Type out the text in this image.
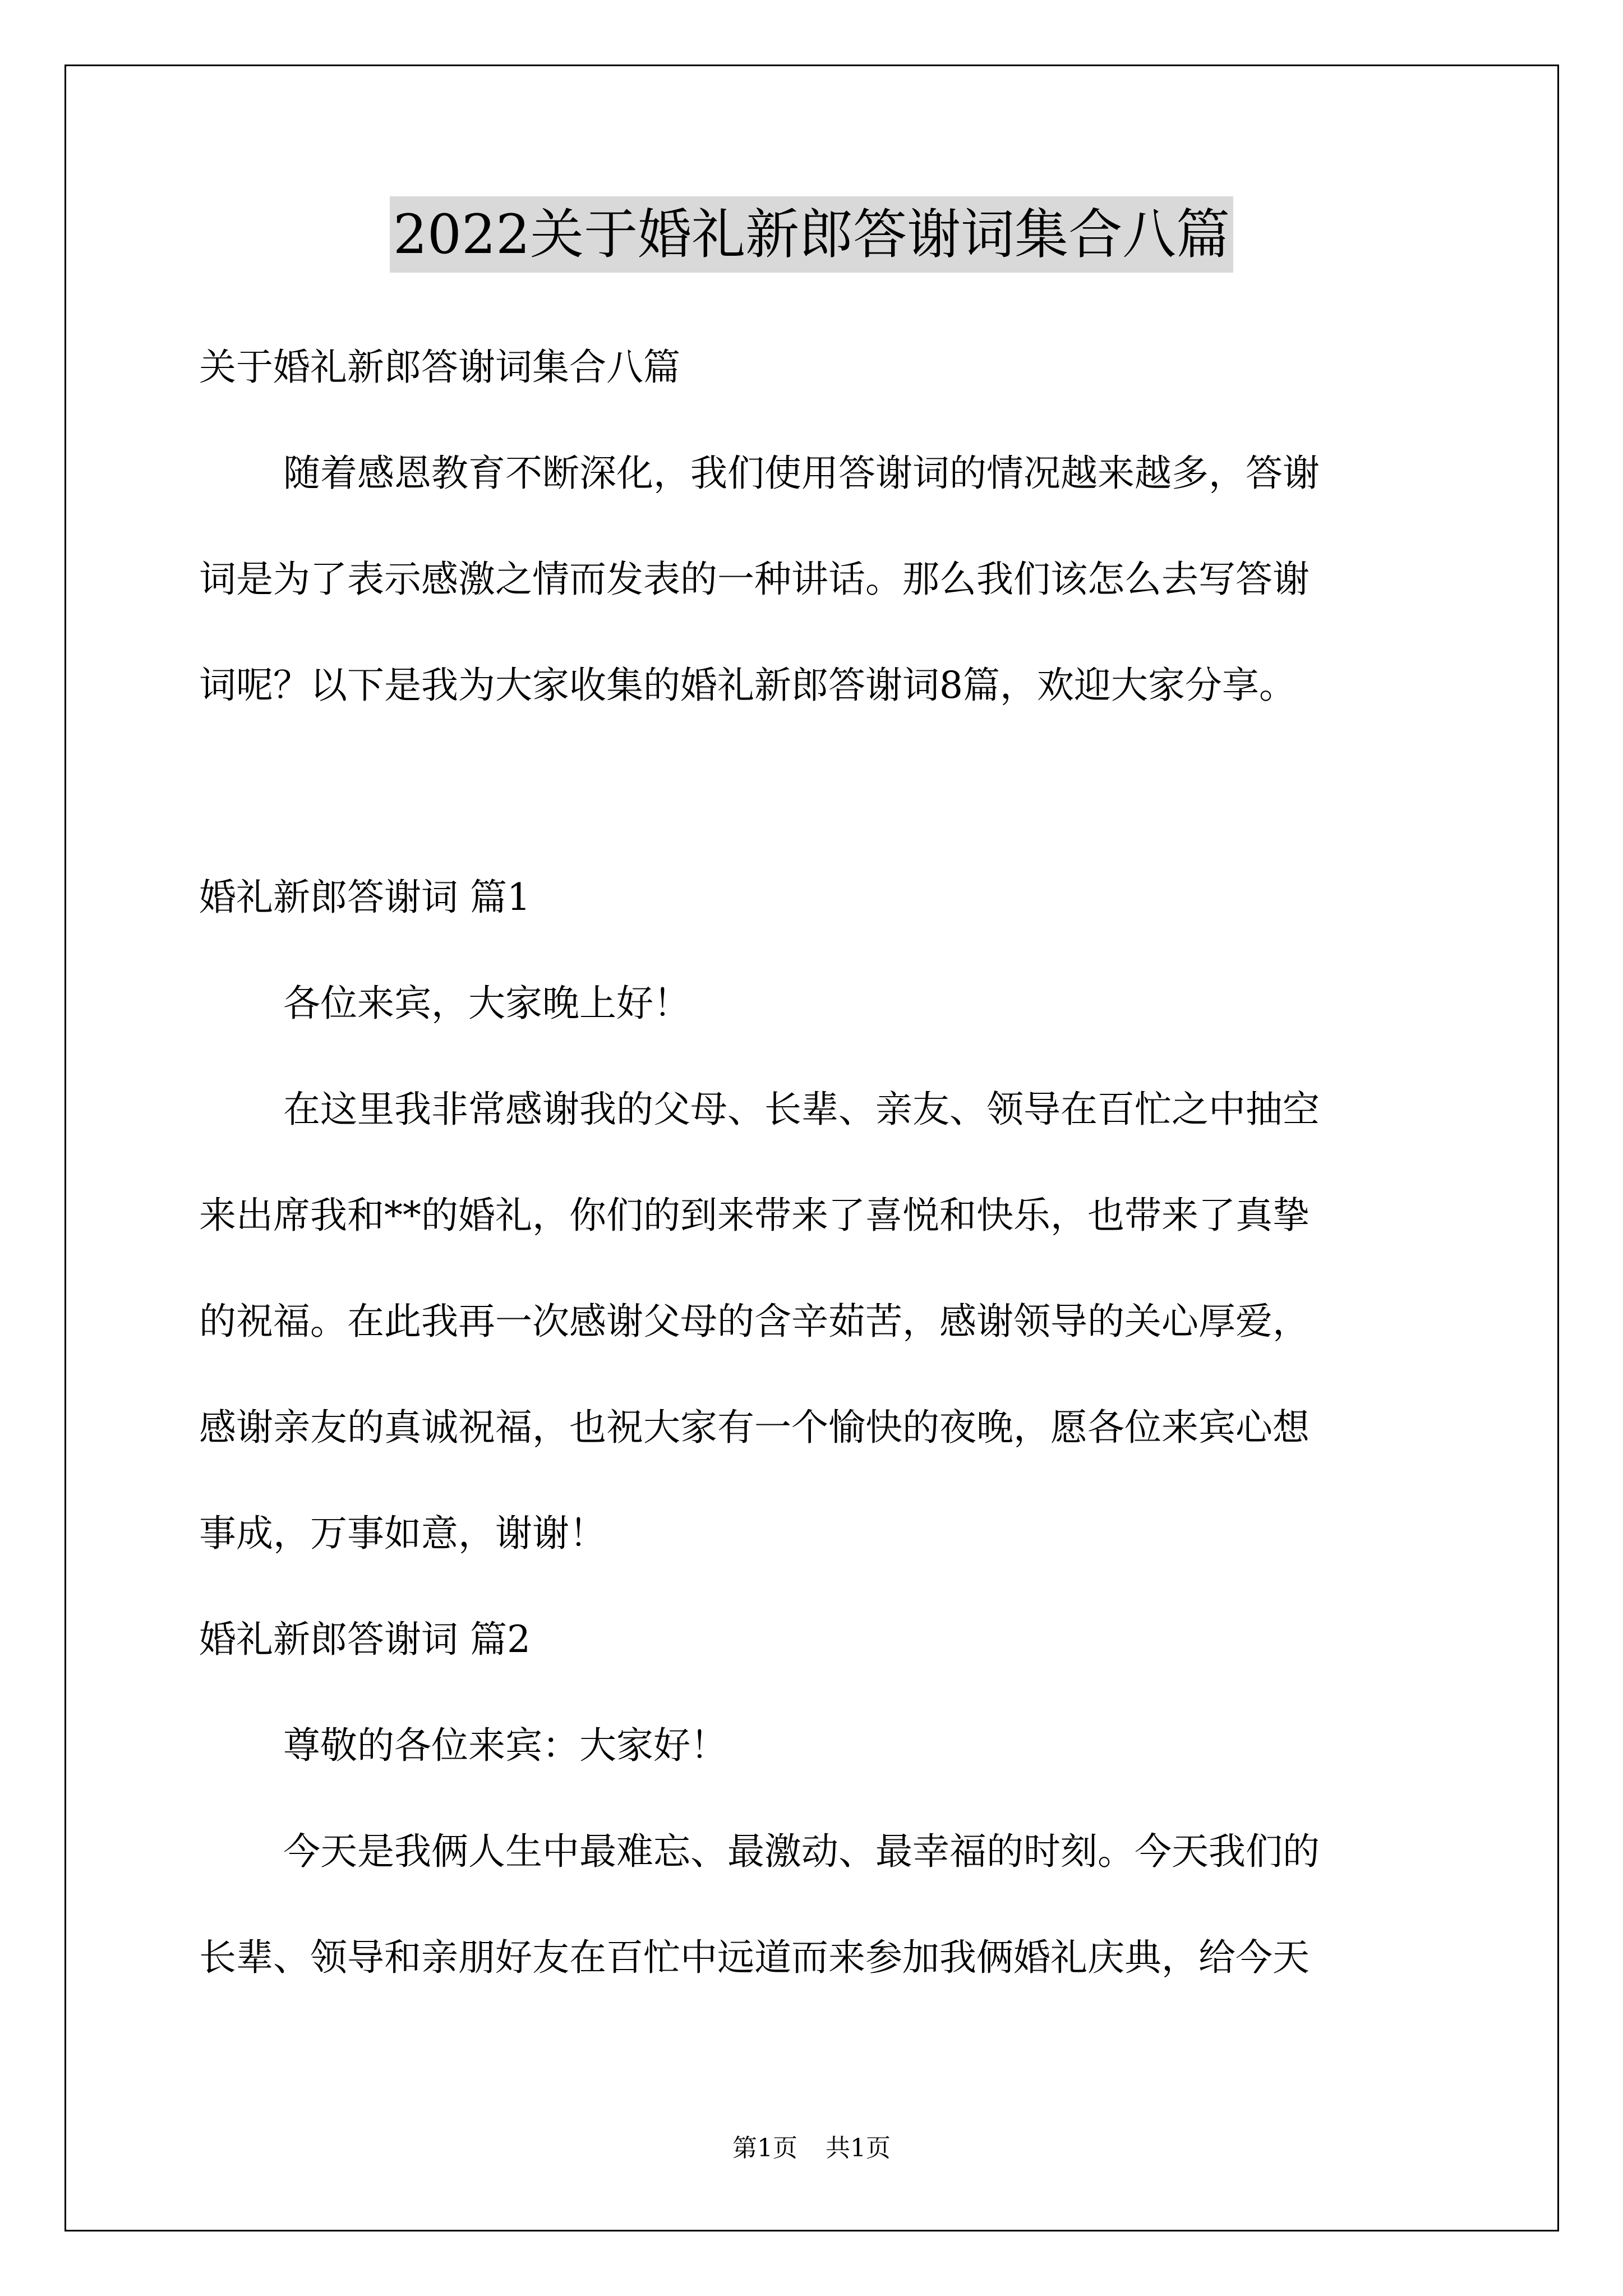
2022关于婚礼新郎答谢词集合八篇
关于婚礼新郎答谢词集合八篇
随着感恩教育不断深化，我们使用答谢词的情况越来越多，答谢
词是为了表示感激之情而发表的一种讲话。那么我们该怎么去写答谢
词呢？以下是我为大家收集的婚礼新郎答谢词8篇，欢迎大家分享。
婚礼新郎答谢词 篇1
各位来宾，大家晚上好！
在这里我非常感谢我的父母、长辈、亲友、领导在百忙之中抽空
来出席我和**的婚礼，你们的到来带来了喜悦和快乐，也带来了真挚
的祝福。在此我再一次感谢父母的含辛茹苦，感谢领导的关心厚爱，
感谢亲友的真诚祝福，也祝大家有一个愉快的夜晚，愿各位来宾心想
事成，万事如意，谢谢！
婚礼新郎答谢词 篇2
尊敬的各位来宾：大家好！
今天是我俩人生中最难忘、最激动、最幸福的时刻。今天我们的
长辈、领导和亲朋好友在百忙中远道而来参加我俩婚礼庆典，给今天
第1页 共1页
